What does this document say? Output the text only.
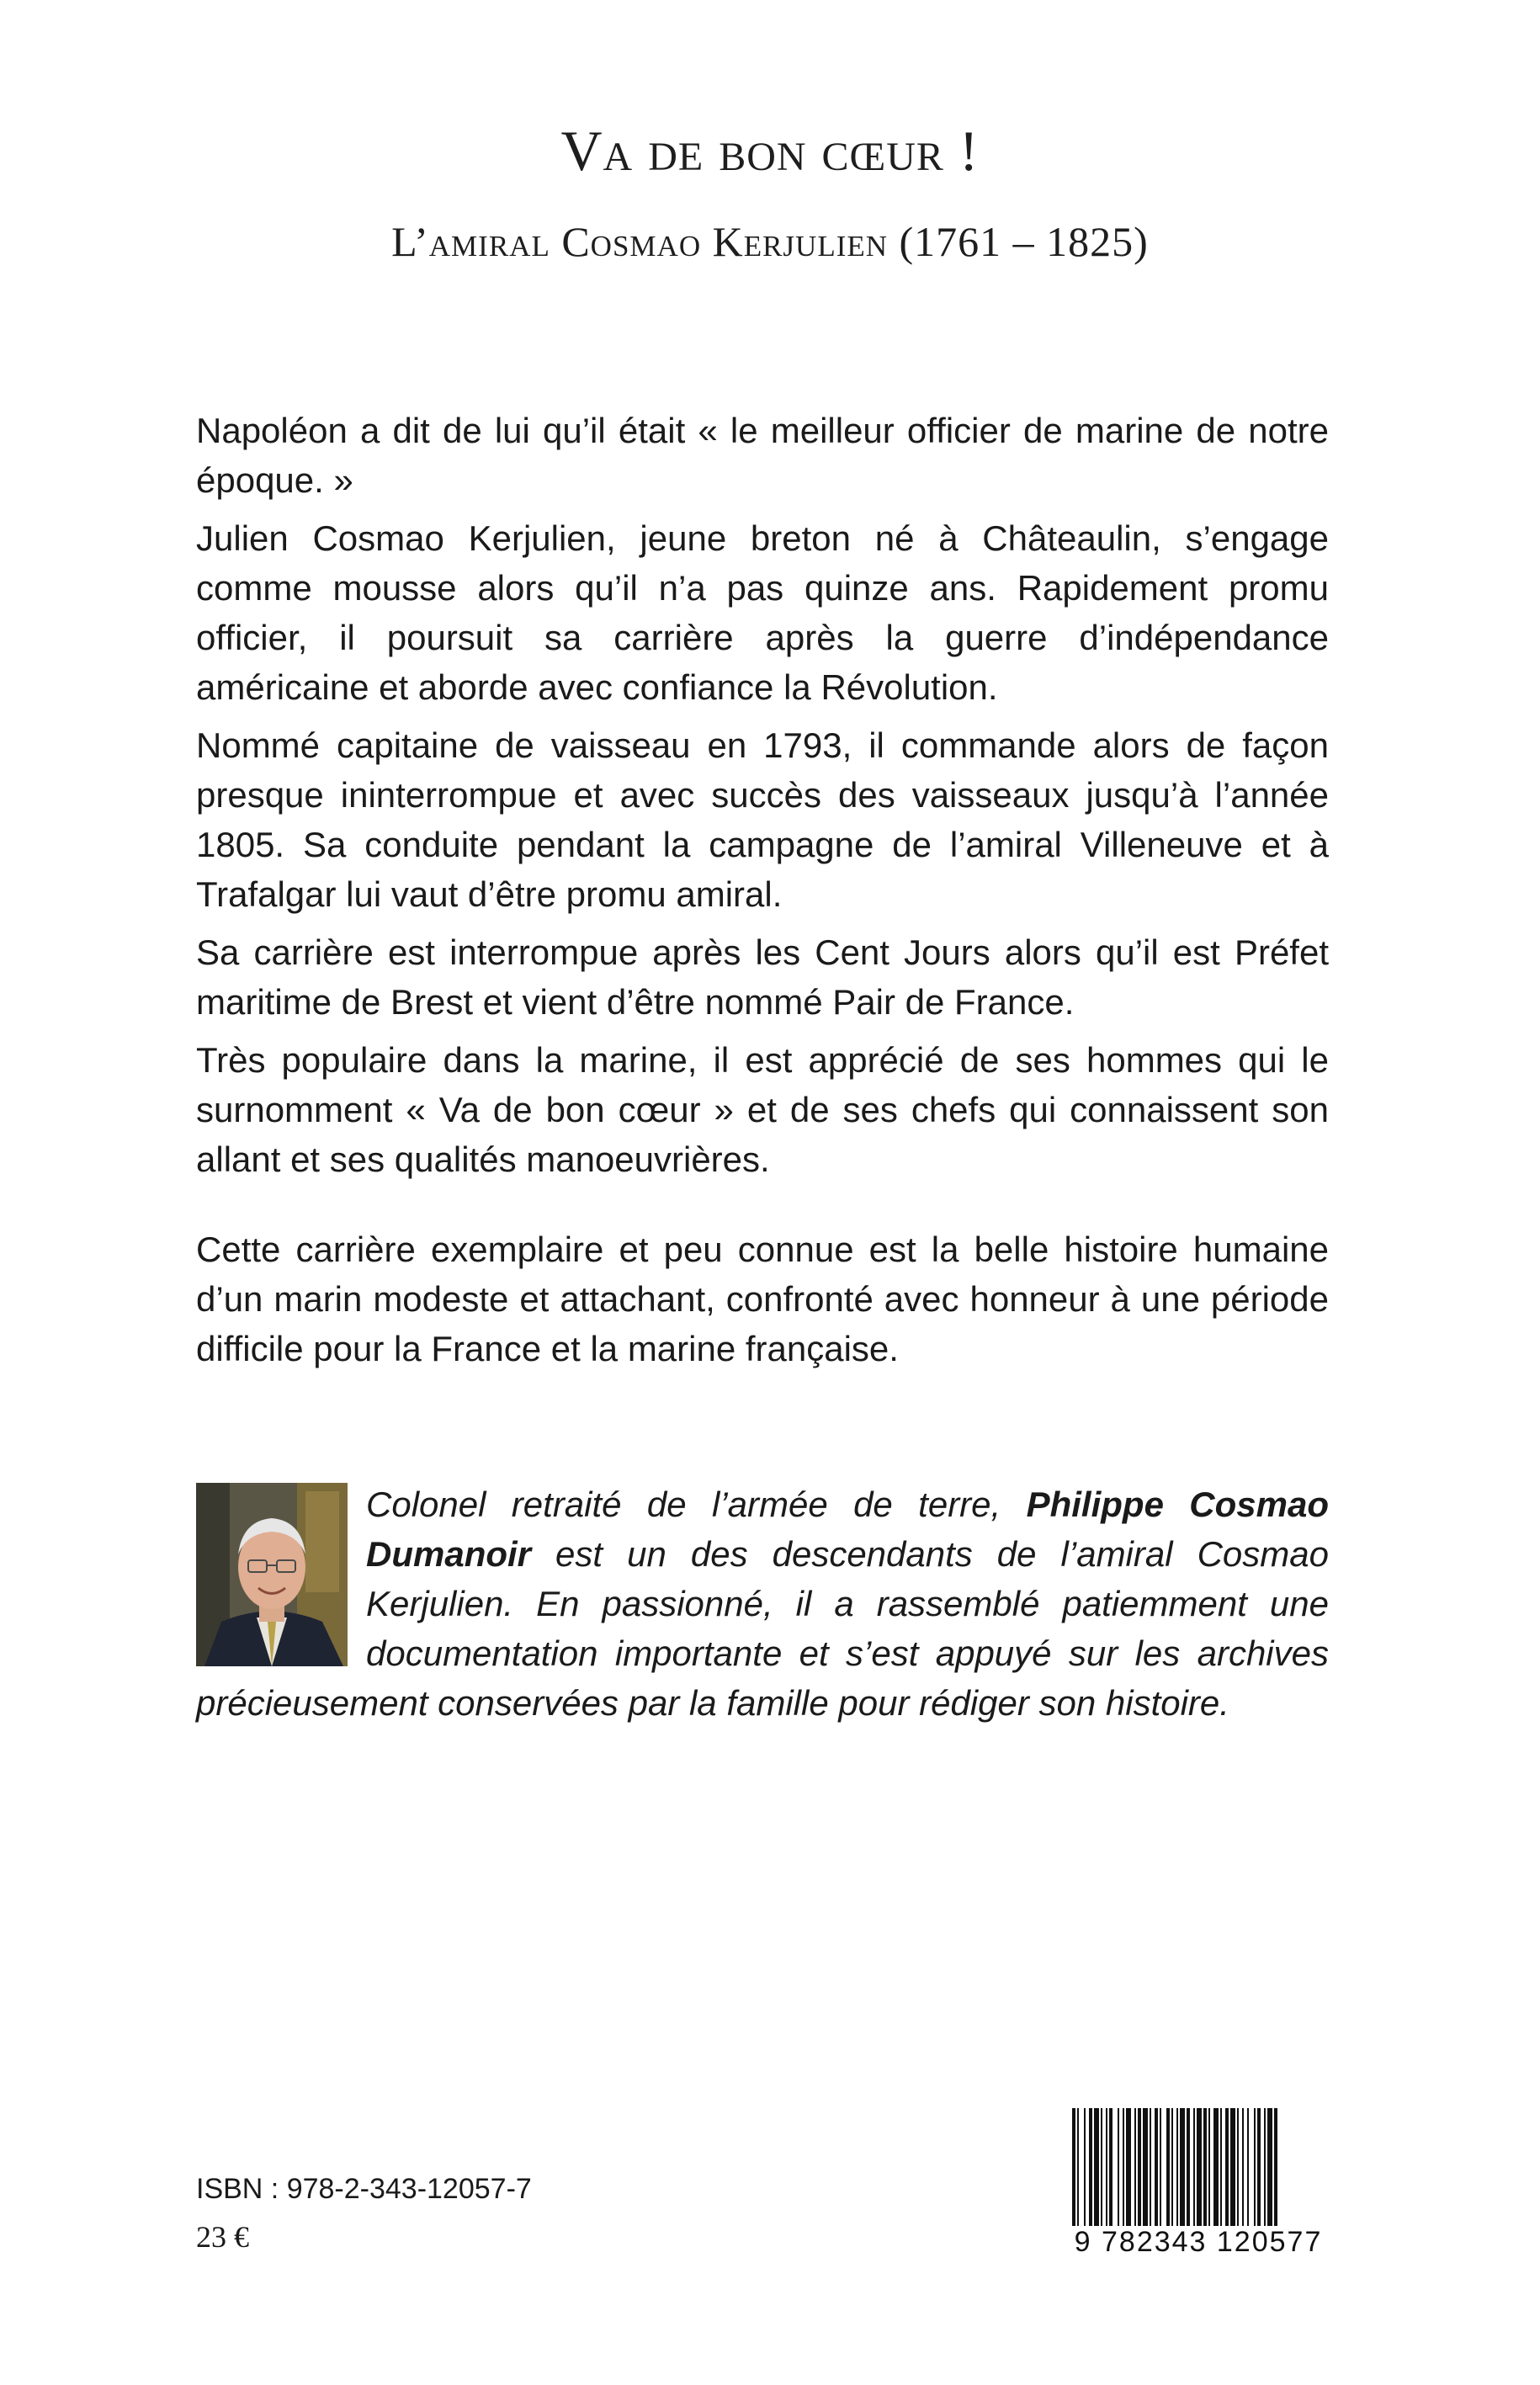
Va de bon cœur !
L’amiral Cosmao Kerjulien (1761 – 1825)

Napoléon a dit de lui qu’il était « le meilleur officier de marine de notre époque. »

Julien Cosmao Kerjulien, jeune breton né à Châteaulin, s’engage comme mousse alors qu’il n’a pas quinze ans. Rapidement promu officier, il poursuit sa carrière après la guerre d’indépendance américaine et aborde avec confiance la Révolution.

Nommé capitaine de vaisseau en 1793, il commande alors de façon presque ininterrompue et avec succès des vaisseaux jusqu’à l’année 1805. Sa conduite pendant la campagne de l’amiral Villeneuve et à Trafalgar lui vaut d’être promu amiral.

Sa carrière est interrompue après les Cent Jours alors qu’il est Préfet maritime de Brest et vient d’être nommé Pair de France.

Très populaire dans la marine, il est apprécié de ses hommes qui le surnomment « Va de bon cœur » et de ses chefs qui connaissent son allant et ses qualités manoeuvrières.

Cette carrière exemplaire et peu connue est la belle histoire humaine d’un marin modeste et attachant, confronté avec honneur à une période difficile pour la France et la marine française.

Colonel retraité de l’armée de terre, Philippe Cosmao Dumanoir est un des descendants de l’amiral Cosmao Kerjulien. En passionné, il a rassemblé patiemment une documentation importante et s’est appuyé sur les archives précieusement conservées par la famille pour rédiger son histoire.
ISBN : 978-2-343-12057-7
23 €	9 782343 120577
